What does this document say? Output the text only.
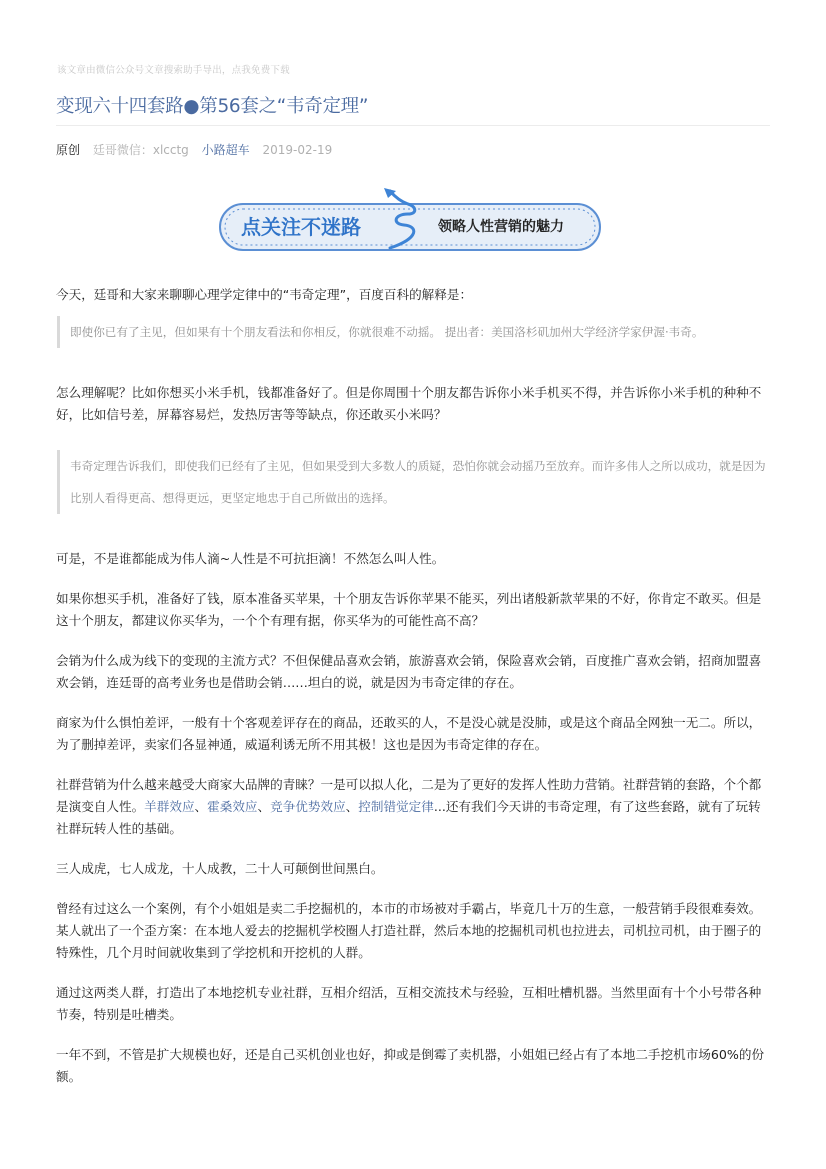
该文章由微信公众号文章搜索助手导出，点我免费下载
变现六十四套路●第56套之“韦奇定理”
原创 廷哥微信：xlcctg 小路超车 2019-02-19
点关注不迷路	领略人性营销的魅力

今天，廷哥和大家来聊聊心理学定律中的“韦奇定理”，百度百科的解释是：

即使你已有了主见，但如果有十个朋友看法和你相反，你就很难不动摇。 提出者：美国洛杉矶加州大学经济学家伊渥·韦奇。

怎么理解呢？比如你想买小米手机，钱都准备好了。但是你周围十个朋友都告诉你小米手机买不得，并告诉你小米手机的种种不好，比如信号差，屏幕容易烂，发热厉害等等缺点，你还敢买小米吗？

韦奇定理告诉我们，即使我们已经有了主见，但如果受到大多数人的质疑，恐怕你就会动摇乃至放弃。而许多伟人之所以成功，就是因为比别人看得更高、想得更远，更坚定地忠于自己所做出的选择。

可是，不是谁都能成为伟人滴~人性是不可抗拒滴！不然怎么叫人性。

如果你想买手机，准备好了钱，原本准备买苹果，十个朋友告诉你苹果不能买，列出诸般新款苹果的不好，你肯定不敢买。但是这十个朋友，都建议你买华为，一个个有理有据，你买华为的可能性高不高？

会销为什么成为线下的变现的主流方式？不但保健品喜欢会销，旅游喜欢会销，保险喜欢会销，百度推广喜欢会销，招商加盟喜欢会销，连廷哥的高考业务也是借助会销……坦白的说，就是因为韦奇定律的存在。

商家为什么惧怕差评，一般有十个客观差评存在的商品，还敢买的人，不是没心就是没肺，或是这个商品全网独一无二。所以，为了删掉差评，卖家们各显神通，威逼利诱无所不用其极！这也是因为韦奇定律的存在。

社群营销为什么越来越受大商家大品牌的青睐？一是可以拟人化，二是为了更好的发挥人性助力营销。社群营销的套路，个个都是演变自人性。羊群效应、霍桑效应、竞争优势效应、控制错觉定律...还有我们今天讲的韦奇定理，有了这些套路，就有了玩转社群玩转人性的基础。

三人成虎，七人成龙，十人成教，二十人可颠倒世间黑白。

曾经有过这么一个案例，有个小姐姐是卖二手挖掘机的，本市的市场被对手霸占，毕竟几十万的生意，一般营销手段很难奏效。某人就出了一个歪方案：在本地人爱去的挖掘机学校圈人打造社群，然后本地的挖掘机司机也拉进去，司机拉司机，由于圈子的特殊性，几个月时间就收集到了学挖机和开挖机的人群。

通过这两类人群，打造出了本地挖机专业社群，互相介绍活，互相交流技术与经验，互相吐槽机器。当然里面有十个小号带各种节奏，特别是吐槽类。

一年不到，不管是扩大规模也好，还是自己买机创业也好，抑或是倒霉了卖机器，小姐姐已经占有了本地二手挖机市场60%的份额。
